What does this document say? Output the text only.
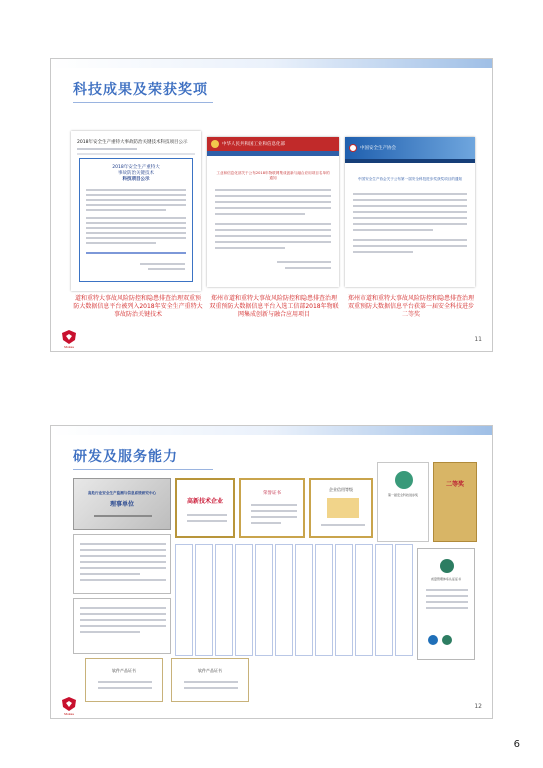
科技成果及荣获奖项
2018年安全生产重特大事故防治关键技术科技项目公示
2018年安全生产重特大
事故防治关键技术
科技项目公示
中华人民共和国工业和信息化部
工业和信息化部关于公布2018年物联网集成创新与融合应用项目名单的通知
中国安全生产协会
中国安全生产协会关于公布第一届安全科技进步奖获奖项目的通知
道和重特大事故风险防控和隐患排查治理双重预防大数据信息平台被列入2018年安全生产重特大事故防治关键技术
郑州市道和重特大事故风险防控和隐患排查治理双重预防大数据信息平台入选工信部2018年物联网集成创新与融合应用项目
郑州市道和重特大事故风险防控和隐患排查治理双重预防大数据信息平台获第一届安全科技进步二等奖
11
研发及服务能力
高危行业安全生产监测与信息系统研究中心
理事单位	高新技术企业
荣誉证书
企业信用等级
第一届安全科技进步奖
二等奖
软件产品证书	软件产品证书
质量管理体系认证证书
12
Stokes
Stokes
6
